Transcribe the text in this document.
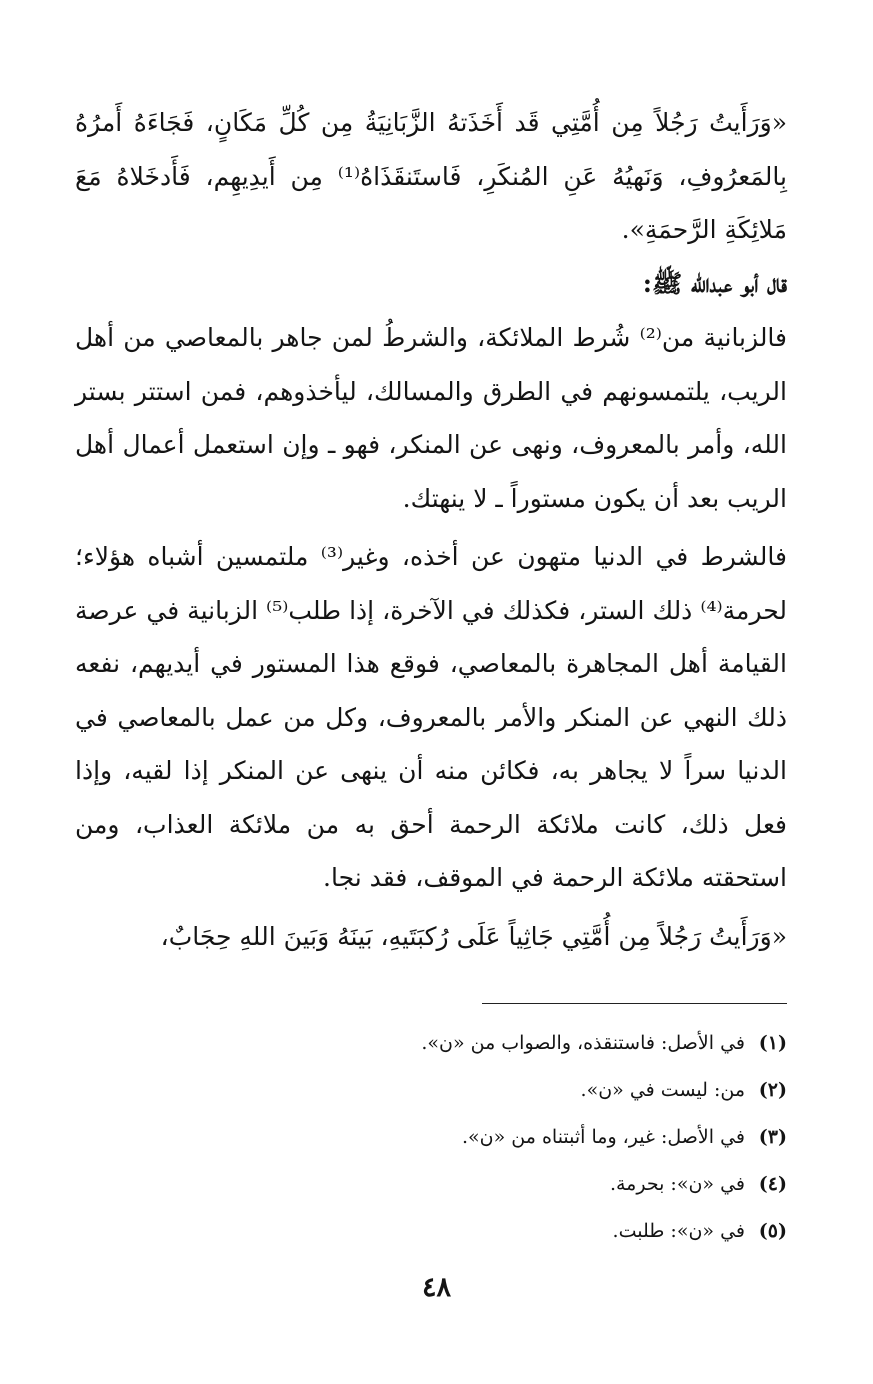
«وَرَأَيتُ رَجُلاً مِن أُمَّتِي قَد أَخَذَتهُ الزَّبَانِيَةُ مِن كُلِّ مَكَانٍ، فَجَاءَهُ أَمرُهُ بِالمَعرُوفِ، وَنَهيُهُ عَنِ المُنكَرِ، فَاستَنقَذَاهُ⁽¹⁾ مِن أَيدِيهِم، فَأَدخَلاهُ مَعَ مَلائِكَةِ الرَّحمَةِ».

قال أبو عبدالله ﷺ:

فالزبانية من⁽²⁾ شُرط الملائكة، والشرطُ لمن جاهر بالمعاصي من أهل الريب، يلتمسونهم في الطرق والمسالك، ليأخذوهم، فمن استتر بستر الله، وأمر بالمعروف، ونهى عن المنكر، فهو ـ وإن استعمل أعمال أهل الريب بعد أن يكون مستوراً ـ لا ينهتك.

فالشرط في الدنيا متهون عن أخذه، وغير⁽³⁾ ملتمسين أشباه هؤلاء؛ لحرمة⁽⁴⁾ ذلك الستر، فكذلك في الآخرة، إذا طلب⁽⁵⁾ الزبانية في عرصة القيامة أهل المجاهرة بالمعاصي، فوقع هذا المستور في أيديهم، نفعه ذلك النهي عن المنكر والأمر بالمعروف، وكل من عمل بالمعاصي في الدنيا سراً لا يجاهر به، فكائن منه أن ينهى عن المنكر إذا لقيه، وإذا فعل ذلك، كانت ملائكة الرحمة أحق به من ملائكة العذاب، ومن استحقته ملائكة الرحمة في الموقف، فقد نجا.

«وَرَأَيتُ رَجُلاً مِن أُمَّتِي جَاثِياً عَلَى رُكبَتَيهِ، بَينَهُ وَبَينَ اللهِ حِجَابٌ،

(١)في الأصل: فاستنقذه، والصواب من «ن».
(٢)من: ليست في «ن».
(٣)في الأصل: غير، وما أثبتناه من «ن».
(٤)في «ن»: بحرمة.
(٥)في «ن»: طلبت.
٤٨
